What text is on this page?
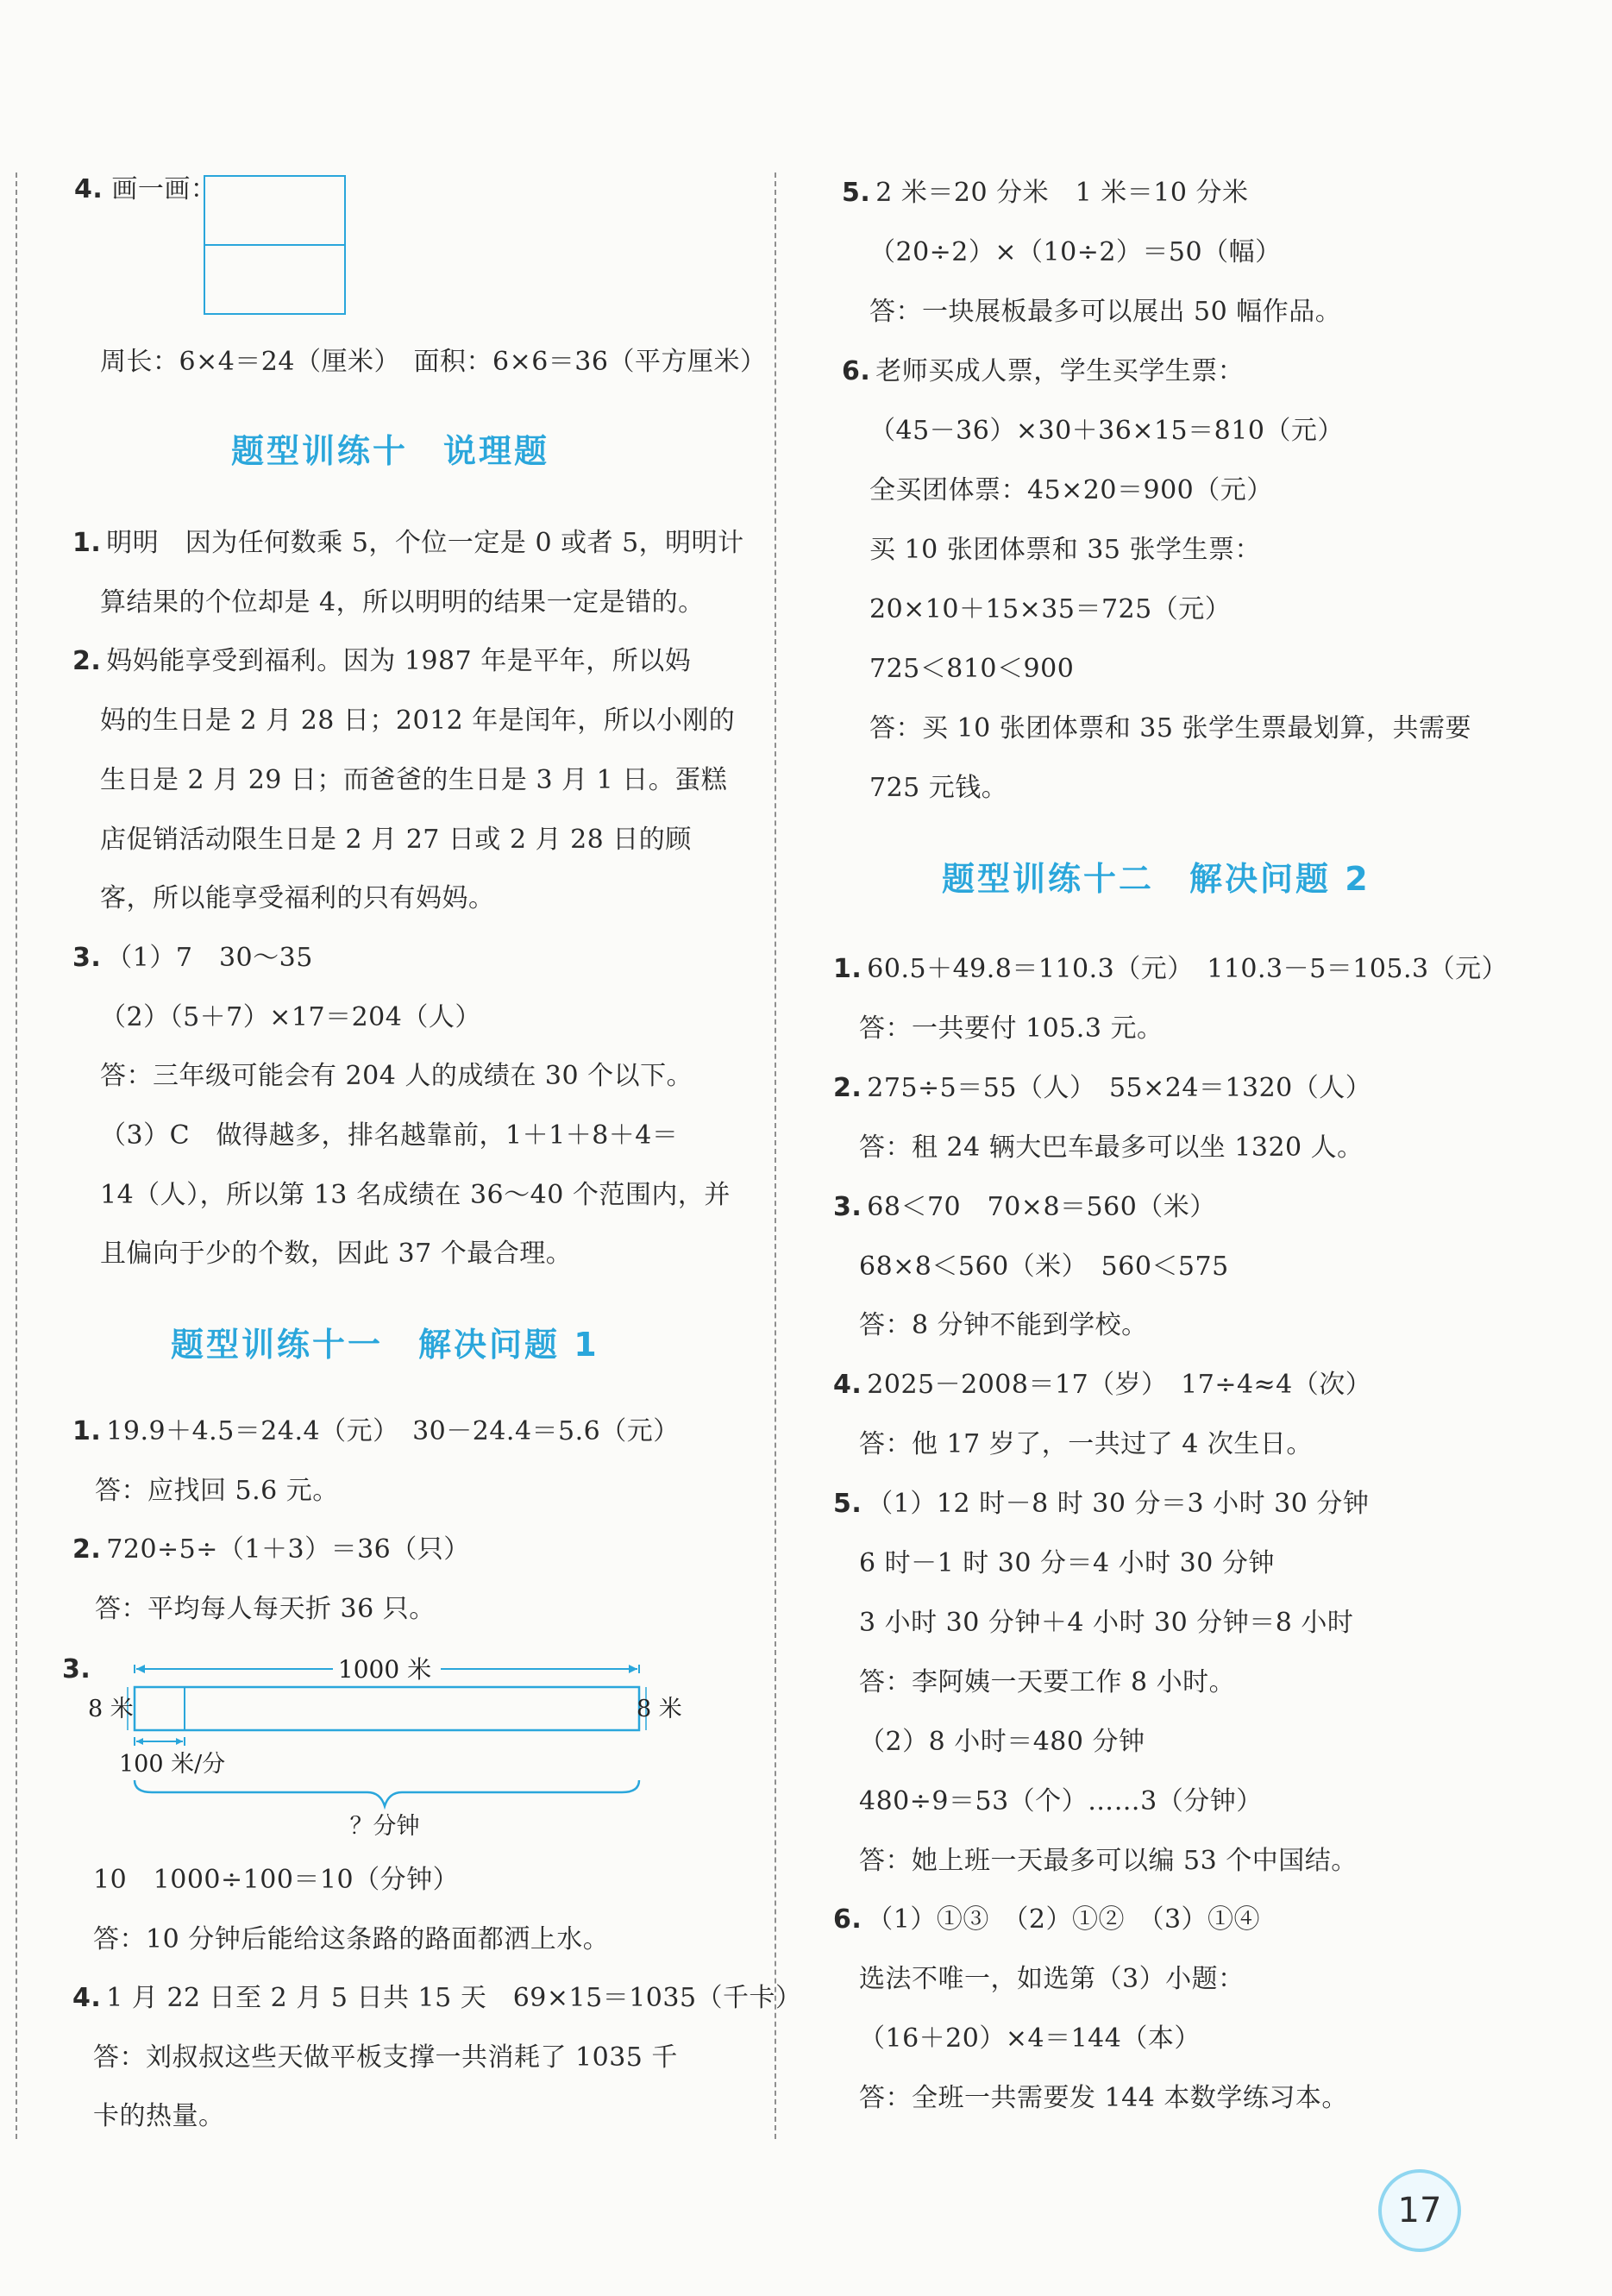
4. 画一画：
周长：6×4＝24（厘米）　面积：6×6＝36（平方厘米）
题型训练十　说理题
1. 明明　因为任何数乘 5，个位一定是 0 或者 5，明明计
算结果的个位却是 4，所以明明的结果一定是错的。
2. 妈妈能享受到福利。因为 1987 年是平年，所以妈
妈的生日是 2 月 28 日；2012 年是闰年，所以小刚的
生日是 2 月 29 日；而爸爸的生日是 3 月 1 日。蛋糕
店促销活动限生日是 2 月 27 日或 2 月 28 日的顾
客，所以能享受福利的只有妈妈。
3. （1）7　30～35
（2）（5＋7）×17＝204（人）
答：三年级可能会有 204 人的成绩在 30 个以下。
（3）C　做得越多，排名越靠前，1＋1＋8＋4＝
14（人），所以第 13 名成绩在 36～40 个范围内，并
且偏向于少的个数，因此 37 个最合理。
题型训练十一　解决问题 1
1. 19.9＋4.5＝24.4（元）　30－24.4＝5.6（元）
答：应找回 5.6 元。
2. 720÷5÷（1＋3）＝36（只）
答：平均每人每天折 36 只。
3.	1000 米
8 米	8 米
100 米/分
？分钟
10　1000÷100＝10（分钟）
答：10 分钟后能给这条路的路面都洒上水。
4. 1 月 22 日至 2 月 5 日共 15 天　69×15＝1035（千卡）
答：刘叔叔这些天做平板支撑一共消耗了 1035 千
卡的热量。
5. 2 米＝20 分米　1 米＝10 分米
（20÷2）×（10÷2）＝50（幅）
答：一块展板最多可以展出 50 幅作品。
6. 老师买成人票，学生买学生票：
（45－36）×30＋36×15＝810（元）
全买团体票：45×20＝900（元）
买 10 张团体票和 35 张学生票：
20×10＋15×35＝725（元）
725＜810＜900
答：买 10 张团体票和 35 张学生票最划算，共需要
725 元钱。
题型训练十二　解决问题 2
1. 60.5＋49.8＝110.3（元）　110.3－5＝105.3（元）
答：一共要付 105.3 元。
2. 275÷5＝55（人）　55×24＝1320（人）
答：租 24 辆大巴车最多可以坐 1320 人。
3. 68＜70　70×8＝560（米）
68×8＜560（米）　560＜575
答：8 分钟不能到学校。
4. 2025－2008＝17（岁）　17÷4≈4（次）
答：他 17 岁了，一共过了 4 次生日。
5. （1）12 时－8 时 30 分＝3 小时 30 分钟
6 时－1 时 30 分＝4 小时 30 分钟
3 小时 30 分钟＋4 小时 30 分钟＝8 小时
答：李阿姨一天要工作 8 小时。
（2）8 小时＝480 分钟
480÷9＝53（个）……3（分钟）
答：她上班一天最多可以编 53 个中国结。
6. （1）①③　（2）①②　（3）①④
选法不唯一，如选第（3）小题：
（16＋20）×4＝144（本）
答：全班一共需要发 144 本数学练习本。
17
